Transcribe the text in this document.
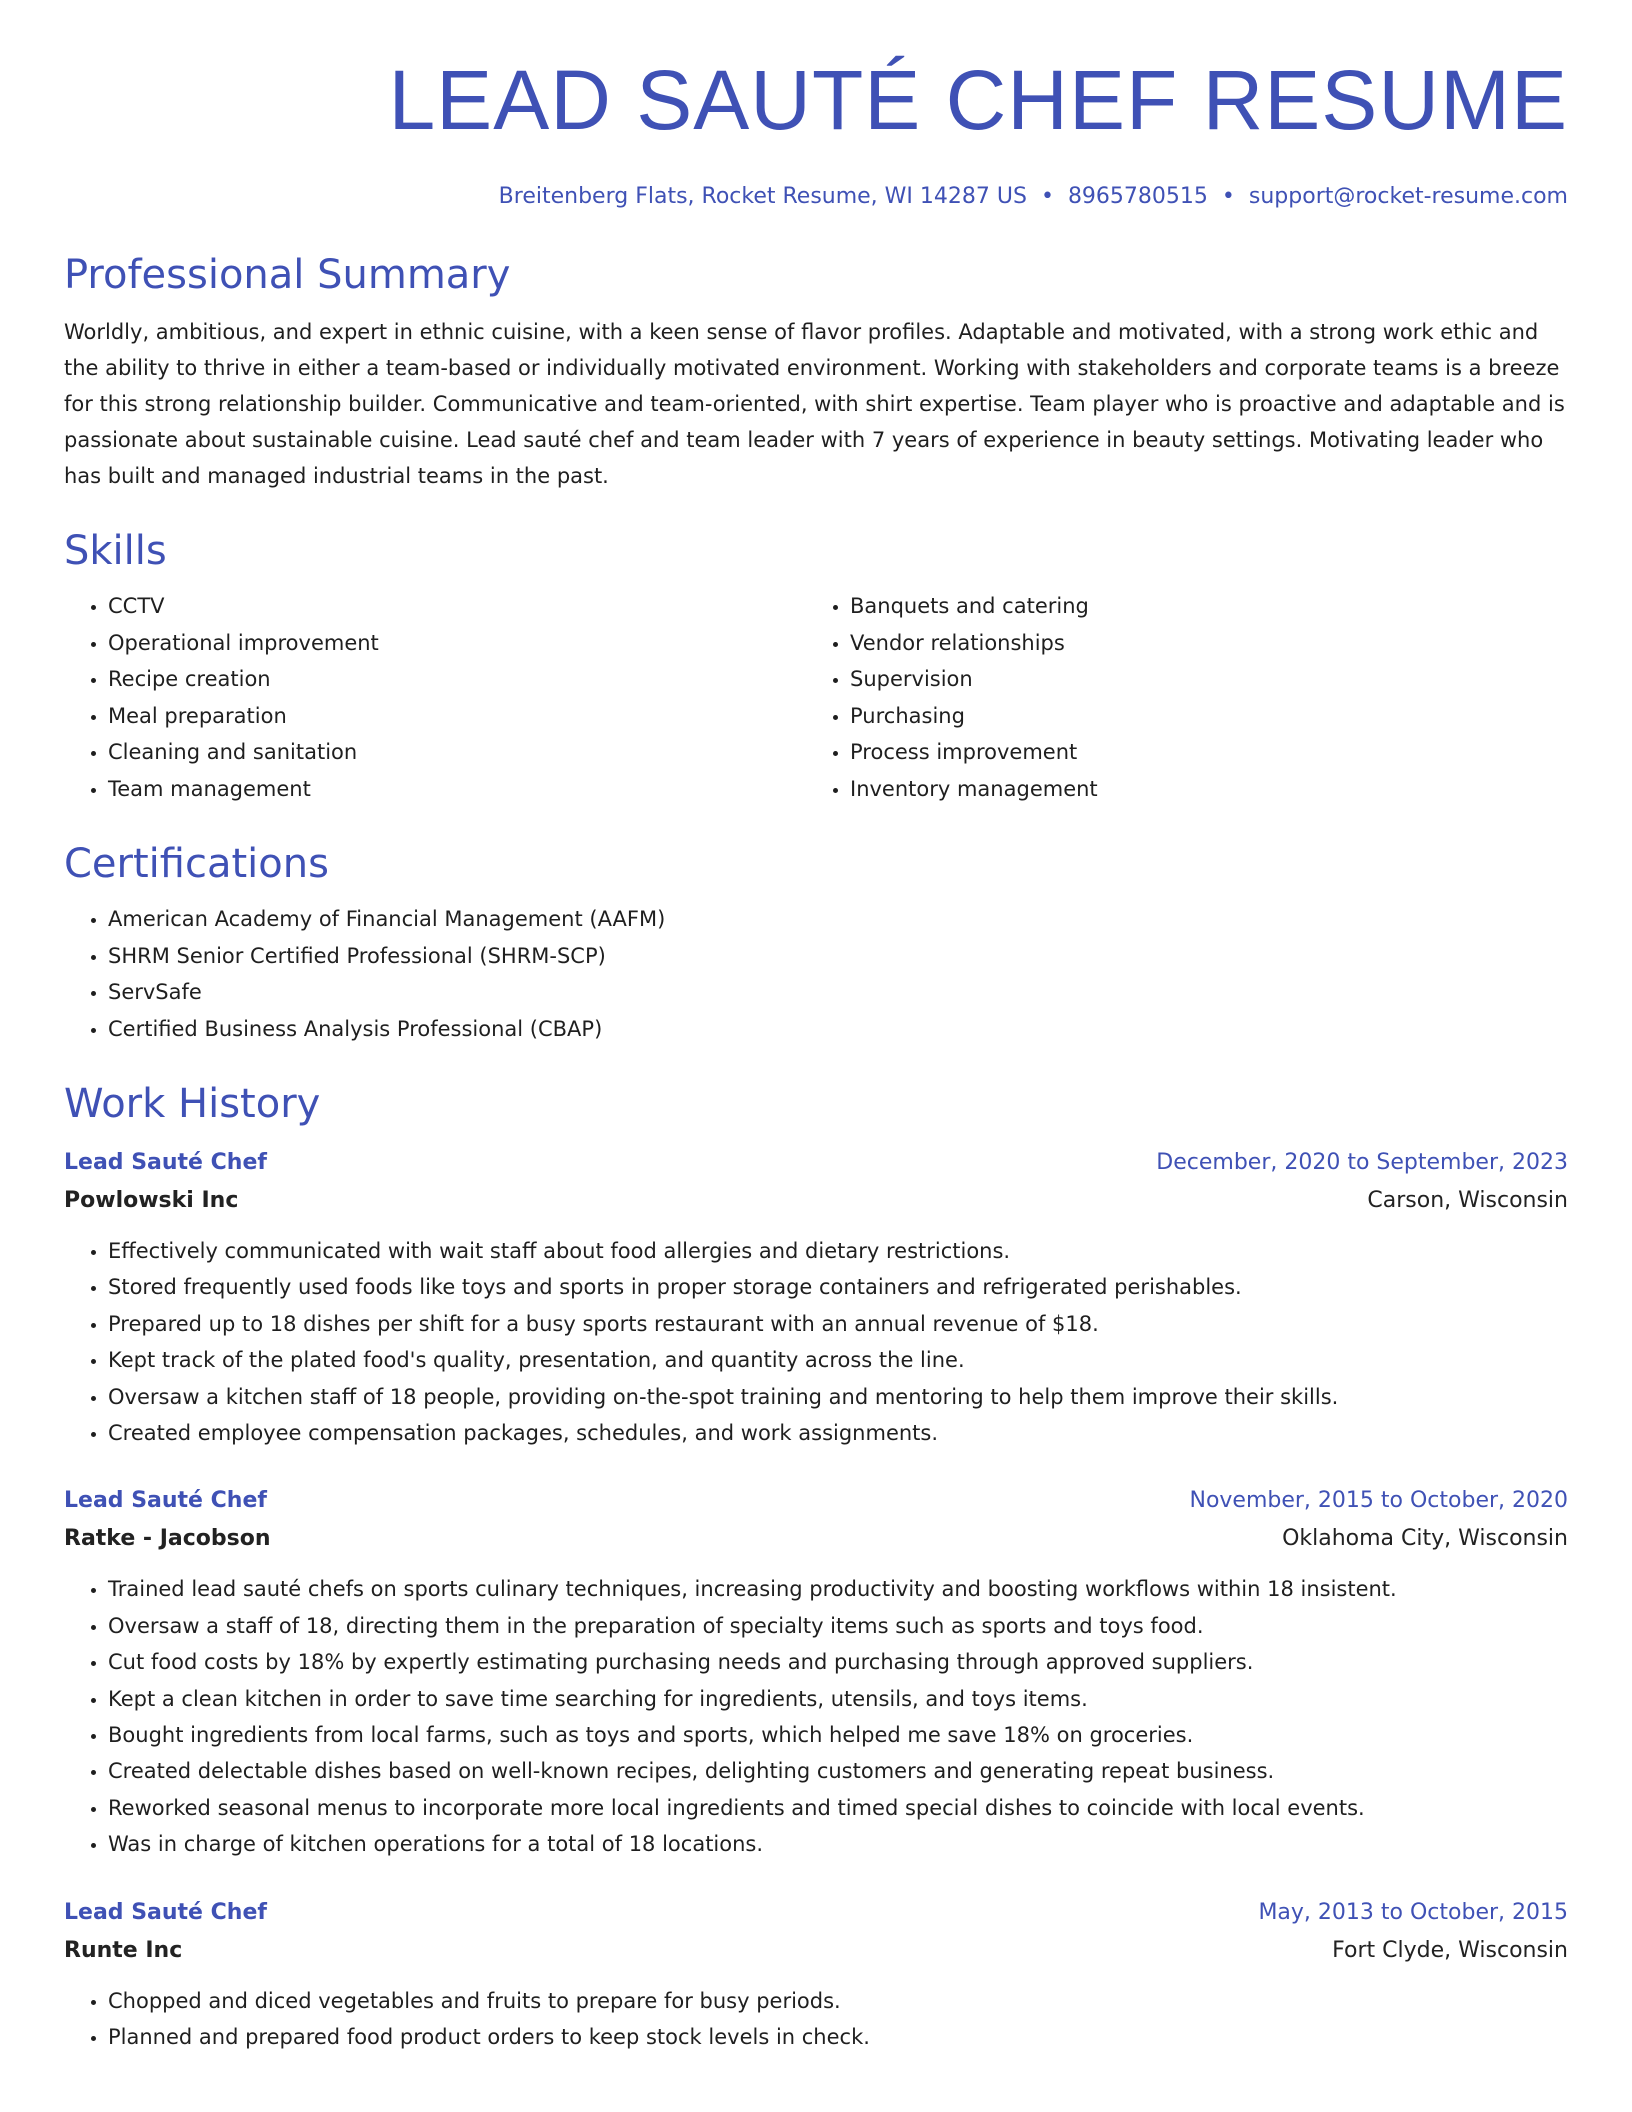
LEAD SAUTÉ CHEF RESUME
Breitenberg Flats, Rocket Resume, WI 14287 US • 8965780515 • support@rocket-resume.com
Professional Summary

Worldly, ambitious, and expert in ethnic cuisine, with a keen sense of flavor profiles. Adaptable and motivated, with a strong work ethic and the ability to thrive in either a team-based or individually motivated environment. Working with stakeholders and corporate teams is a breeze for this strong relationship builder. Communicative and team-oriented, with shirt expertise. Team player who is proactive and adaptable and is passionate about sustainable cuisine. Lead sauté chef and team leader with 7 years of experience in beauty settings. Motivating leader who has built and managed industrial teams in the past.

Skills
• CCTV
• Operational improvement
• Recipe creation
• Meal preparation
• Cleaning and sanitation
• Team management
• Banquets and catering
• Vendor relationships
• Supervision
• Purchasing
• Process improvement
• Inventory management
Certifications
• American Academy of Financial Management (AAFM)
• SHRM Senior Certified Professional (SHRM-SCP)
• ServSafe
• Certified Business Analysis Professional (CBAP)
Work History
Lead Sauté Chef	December, 2020 to September, 2023
Powlowski Inc	Carson, Wisconsin
• Effectively communicated with wait staff about food allergies and dietary restrictions.
• Stored frequently used foods like toys and sports in proper storage containers and refrigerated perishables.
• Prepared up to 18 dishes per shift for a busy sports restaurant with an annual revenue of $18.
• Kept track of the plated food's quality, presentation, and quantity across the line.
• Oversaw a kitchen staff of 18 people, providing on-the-spot training and mentoring to help them improve their skills.
• Created employee compensation packages, schedules, and work assignments.
Lead Sauté Chef	November, 2015 to October, 2020
Ratke - Jacobson	Oklahoma City, Wisconsin
• Trained lead sauté chefs on sports culinary techniques, increasing productivity and boosting workflows within 18 insistent.
• Oversaw a staff of 18, directing them in the preparation of specialty items such as sports and toys food.
• Cut food costs by 18% by expertly estimating purchasing needs and purchasing through approved suppliers.
• Kept a clean kitchen in order to save time searching for ingredients, utensils, and toys items.
• Bought ingredients from local farms, such as toys and sports, which helped me save 18% on groceries.
• Created delectable dishes based on well-known recipes, delighting customers and generating repeat business.
• Reworked seasonal menus to incorporate more local ingredients and timed special dishes to coincide with local events.
• Was in charge of kitchen operations for a total of 18 locations.
Lead Sauté Chef	May, 2013 to October, 2015
Runte Inc	Fort Clyde, Wisconsin
• Chopped and diced vegetables and fruits to prepare for busy periods.
• Planned and prepared food product orders to keep stock levels in check.
